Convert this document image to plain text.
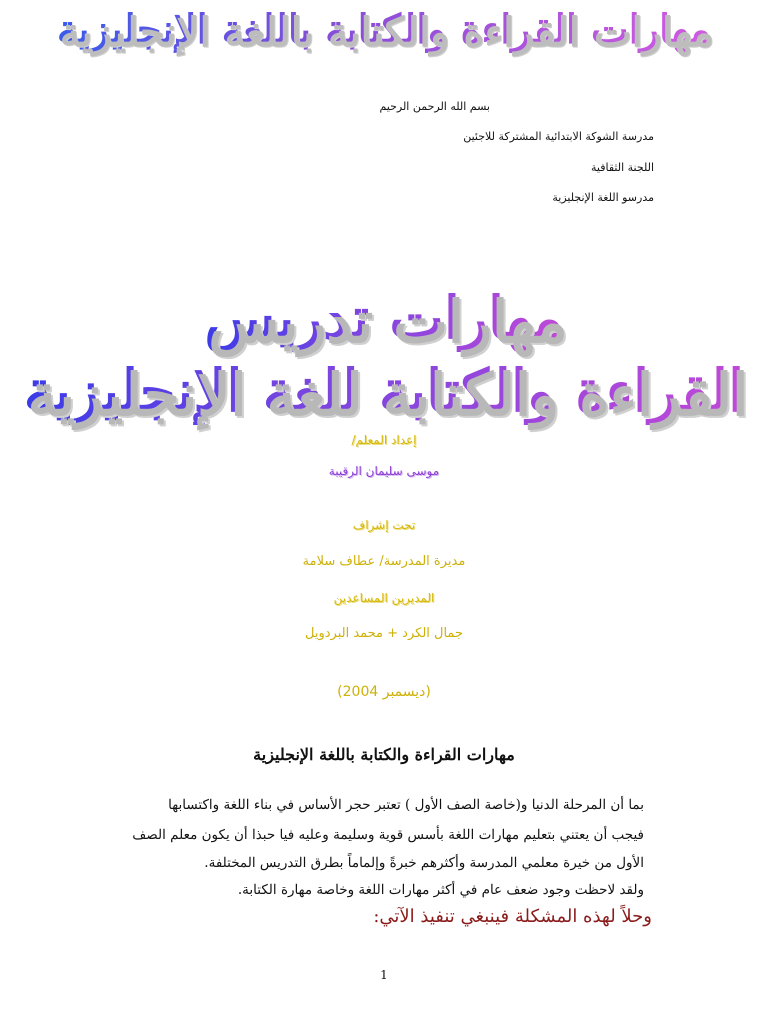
مهارات القراءة والكتابة باللغة الإنجليزية
بسم الله الرحمن الرحيم
مدرسة الشوكة الابتدائية المشتركة للاجئين
اللجنة الثقافية
مدرسو اللغة الإنجليزية
مهارات تدريس
القراءة والكتابة للغة الإنجليزية
إعداد المعلم/
موسى سليمان الرقيبة
تحت إشراف
مديرة المدرسة/ عطاف سلامة
المديرين المساعدين
جمال الكرد + محمد البردويل
(ديسمبر 2004)
مهارات القراءة والكتابة باللغة الإنجليزية

بما أن المرحلة الدنيا و(خاصة الصف الأول ) تعتبر حجر الأساس في بناء اللغة واكتسابها

فيجب أن يعتني بتعليم مهارات اللغة بأسس قوية وسليمة وعليه فيا حبذا أن يكون معلم الصف

الأول من خيرة معلمي المدرسة وأكثرهم خبرةً وإلماماً بطرق التدريس المختلفة.

ولقد لاحظت وجود ضعف عام في أكثر مهارات اللغة وخاصة مهارة الكتابة.

وحلاً لهذه المشكلة فينبغي تنفيذ الآتي:
1
